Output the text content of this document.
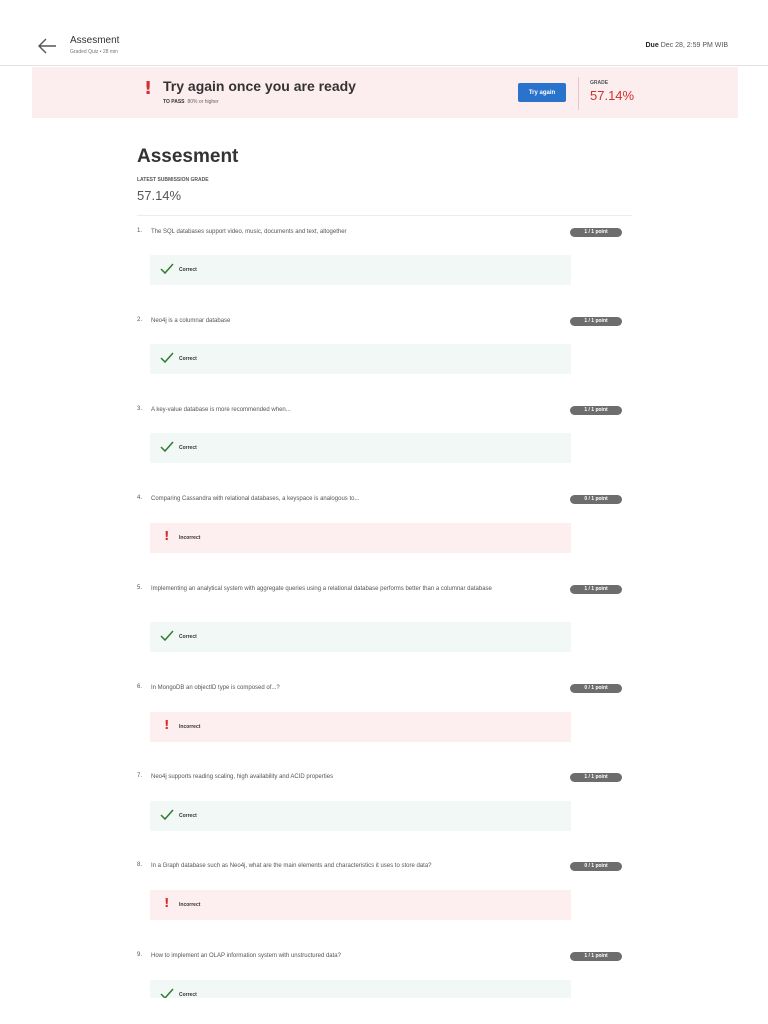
Assesment
Graded Quiz • 28 min
Due Dec 28, 2:59 PM WIB
! Try again once you are ready
TO PASS 80% or higher
Try again
GRADE
57.14%
Assesment
LATEST SUBMISSION GRADE
57.14%
1.	The SQL databases support video, music, documents and text, altogether	1 / 1 point
Correct
2.	Neo4j is a columnar database	1 / 1 point
Correct
3.	A key-value database is more recommended when...	1 / 1 point
Correct
4.	Comparing Cassandra with relational databases, a keyspace is analogous to...	0 / 1 point
! Incorrect
5.	Implementing an analytical system with aggregate queries using a relational database performs better than a columnar database	1 / 1 point
Correct
6.	In MongoDB an objectID type is composed of...?	0 / 1 point
! Incorrect
7.	Neo4j supports reading scaling, high availability and ACID properties	1 / 1 point
Correct
8.	In a Graph database such as Neo4j, what are the main elements and characteristics it uses to store data?	0 / 1 point
! Incorrect
9.	How to implement an OLAP information system with unstructured data?	1 / 1 point
Correct
